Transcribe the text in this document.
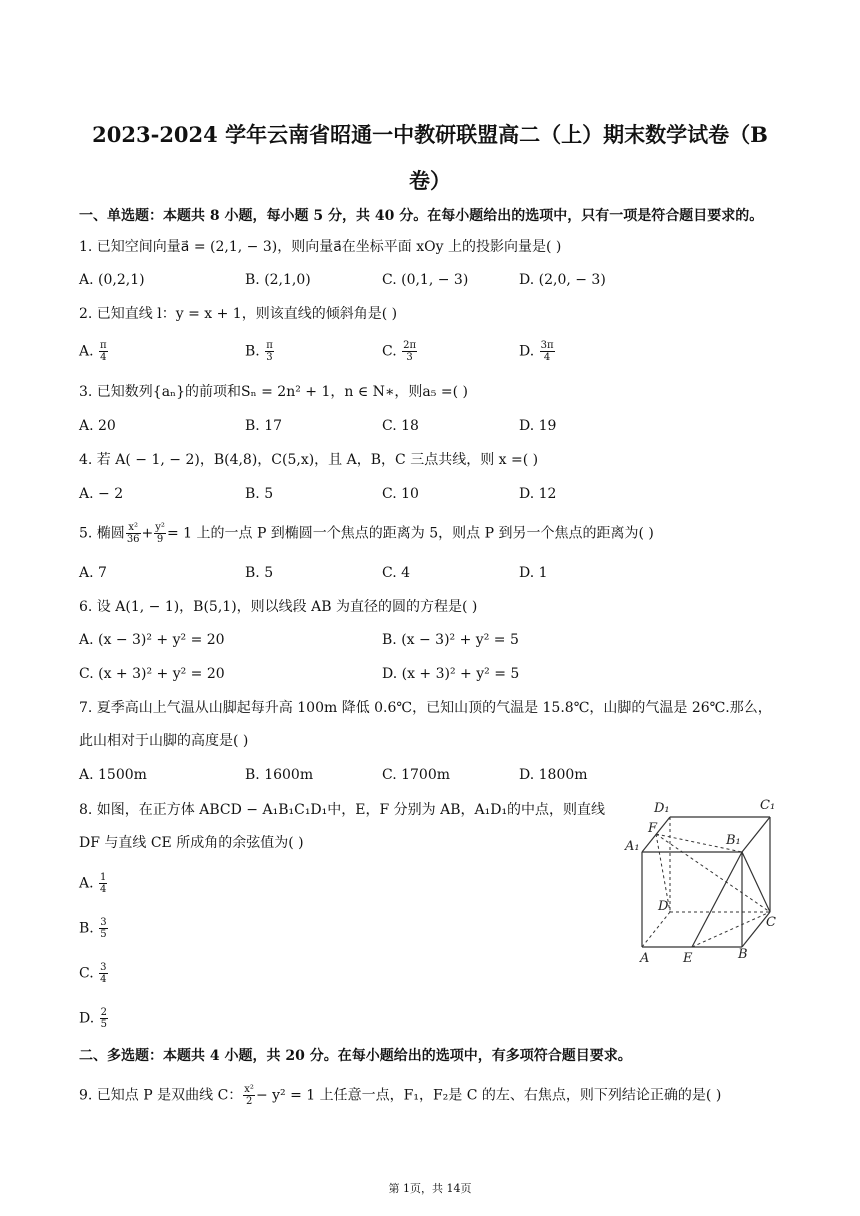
2023-2024 学年云南省昭通一中教研联盟高二（上）期末数学试卷（B
卷）
一、单选题：本题共 8 小题，每小题 5 分，共 40 分。在每小题给出的选项中，只有一项是符合题目要求的。
1. 已知空间向量a⃗ = (2,1, − 3)，则向量a⃗在坐标平面 xOy 上的投影向量是( )
A. (0,2,1)	B. (2,1,0)	C. (0,1, − 3)	D. (2,0, − 3)
2. 已知直线 l：y = x + 1，则该直线的倾斜角是( )
A. $\frac{\pi}{4}$	B. $\frac{\pi}{3}$	C. $\frac{2\pi}{3}$	D. $\frac{3\pi}{4}$
3. 已知数列{aₙ}的前项和Sₙ = 2n² + 1，n ∈ N∗，则a₅ =( )
A. 20	B. 17	C. 18	D. 19
4. 若 A( − 1, − 2)，B(4,8)，C(5,x)，且 A，B，C 三点共线，则 x =( )
A. − 2	B. 5	C. 10	D. 12
5. 椭圆 $\frac{\text{x²}}{36} + \frac{\text{y²}}{9} = 1$ 上的一点 P 到椭圆一个焦点的距离为 5，则点 P 到另一个焦点的距离为( )
A. 7	B. 5	C. 4	D. 1
6. 设 A(1, − 1)，B(5,1)，则以线段 AB 为直径的圆的方程是( )
A. (x − 3)² + y² = 20	B. (x − 3)² + y² = 5
C. (x + 3)² + y² = 20	D. (x + 3)² + y² = 5
7. 夏季高山上气温从山脚起每升高 100m 降低 0.6℃，已知山顶的气温是 15.8℃，山脚的气温是 26℃.那么，
此山相对于山脚的高度是( )
A. 1500m	B. 1600m	C. 1700m	D. 1800m
8. 如图，在正方体 ABCD − A₁B₁C₁D₁中，E，F 分别为 AB，A₁D₁的中点，则直线
DF 与直线 CE 所成角的余弦值为( )
A. $\frac{1}{4}$
B. $\frac{3}{5}$
C. $\frac{3}{4}$
D. $\frac{2}{5}$
D₁	C₁
A₁
F
B₁
D
C
A	E	B
二、多选题：本题共 4 小题，共 20 分。在每小题给出的选项中，有多项符合题目要求。
9. 已知点 P 是双曲线 C： $\frac{\text{x²}}{2} - y^2 = 1$ 上任意一点，F₁，F₂是 C 的左、右焦点，则下列结论正确的是( )
第 1页，共 14页
